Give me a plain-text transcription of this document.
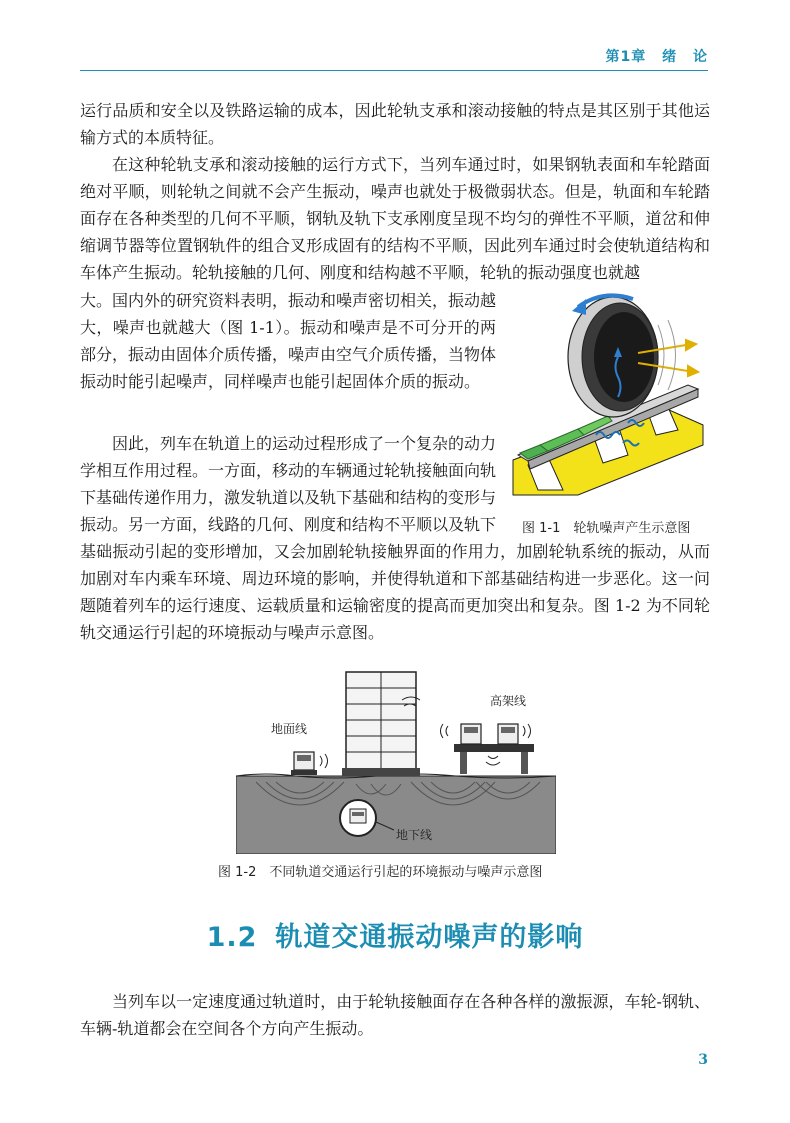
第1章 绪 论

运行品质和安全以及铁路运输的成本，因此轮轨支承和滚动接触的特点是其区别于其他运输方式的本质特征。

在这种轮轨支承和滚动接触的运行方式下，当列车通过时，如果钢轨表面和车轮踏面绝对平顺，则轮轨之间就不会产生振动，噪声也就处于极微弱状态。但是，轨面和车轮踏面存在各种类型的几何不平顺，钢轨及轨下支承刚度呈现不均匀的弹性不平顺，道岔和伸缩调节器等位置钢轨件的组合叉形成固有的结构不平顺，因此列车通过时会使轨道结构和车体产生振动。轮轨接触的几何、刚度和结构越不平顺，轮轨的振动强度也就越

大。国内外的研究资料表明，振动和噪声密切相关，振动越大，噪声也就越大（图 1-1）。振动和噪声是不可分开的两部分，振动由固体介质传播，噪声由空气介质传播，当物体振动时能引起噪声，同样噪声也能引起固体介质的振动。

因此，列车在轨道上的运动过程形成了一个复杂的动力学相互作用过程。一方面，移动的车辆通过轮轨接触面向轨下基础传递作用力，激发轨道以及轨下基础和结构的变形与振动。另一方面，线路的几何、刚度和结构不平顺以及轨下

基础振动引起的变形增加，又会加剧轮轨接触界面的作用力，加剧轮轨系统的振动，从而加剧对车内乘车环境、周边环境的影响，并使得轨道和下部基础结构进一步恶化。这一问题随着列车的运行速度、运载质量和运输密度的提高而更加突出和复杂。图 1-2 为不同轮轨交通运行引起的环境振动与噪声示意图。

图 1-1　轮轨噪声产生示意图
地面线
高架线
地下线
图 1-2　不同轨道交通运行引起的环境振动与噪声示意图
1.2 轨道交通振动噪声的影响

当列车以一定速度通过轨道时，由于轮轨接触面存在各种各样的激振源，车轮-钢轨、车辆-轨道都会在空间各个方向产生振动。

3
